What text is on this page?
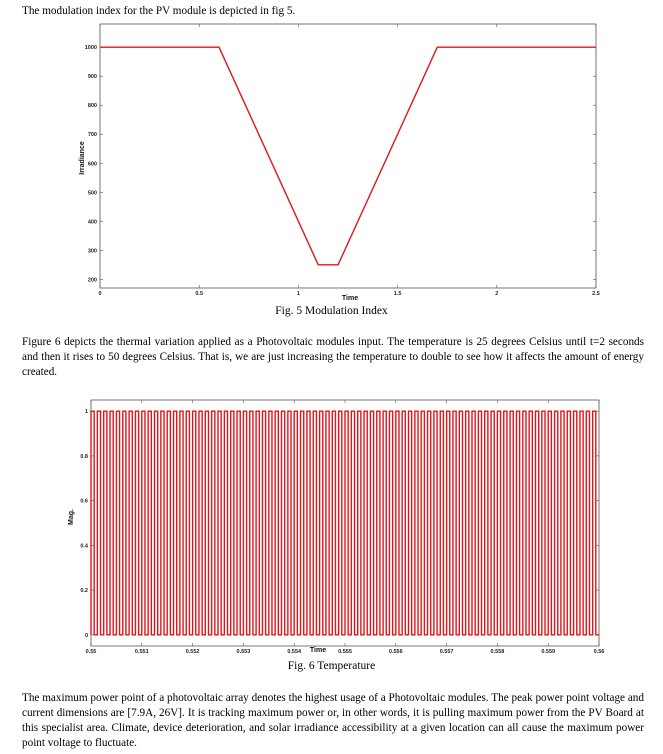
The modulation index for the PV module is depicted in fig 5.

0	0.5	1	1.5	2	2.5
200
300
400
500
600
700
800
900
1000
Time
Irradiance

Fig. 5 Modulation Index

Figure 6 depicts the thermal variation applied as a Photovoltaic modules input. The temperature is 25 degrees Celsius until t=2 seconds and then it rises to 50 degrees Celsius. That is, we are just increasing the temperature to double to see how it affects the amount of energy created.

0.55	0.551	0.552	0.553	0.554	0.555	0.556	0.557	0.558	0.559	0.56
0
0.2
0.4
0.6
0.8
1
Time
Mag.

Fig. 6 Temperature

The maximum power point of a photovoltaic array denotes the highest usage of a Photovoltaic modules. The peak power point voltage and current dimensions are [7.9A, 26V]. It is tracking maximum power or, in other words, it is pulling maximum power from the PV Board at this specialist area. Climate, device deterioration, and solar irradiance accessibility at a given location can all cause the maximum power point voltage to fluctuate.
